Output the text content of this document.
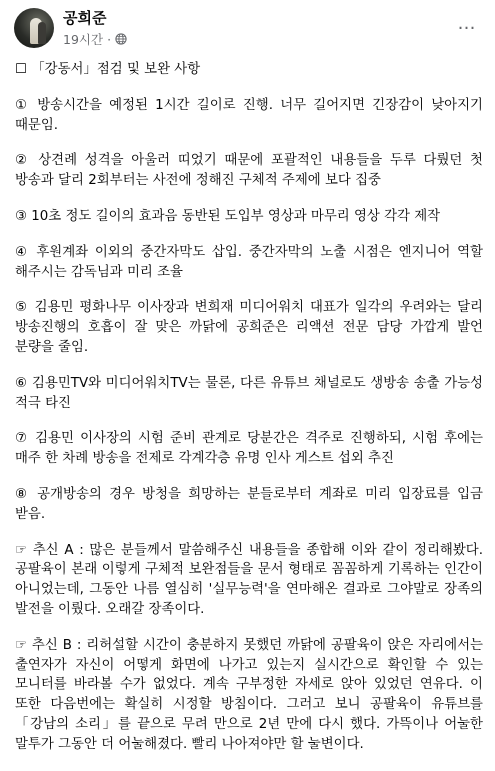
공희준
19시간 ·
…

☐ 「강동서」점검 및 보완 사항

① 방송시간을 예정된 1시간 길이로 진행. 너무 길어지면 긴장감이 낮아지기 때문임.

② 상견례 성격을 아울러 띠었기 때문에 포괄적인 내용들을 두루 다뤘던 첫 방송과 달리 2회부터는 사전에 정해진 구체적 주제에 보다 집중

③ 10초 정도 길이의 효과음 동반된 도입부 영상과 마무리 영상 각각 제작

④ 후원계좌 이외의 중간자막도 삽입. 중간자막의 노출 시점은 엔지니어 역할 해주시는 감독님과 미리 조율

⑤ 김용민 평화나무 이사장과 변희재 미디어워치 대표가 일각의 우려와는 달리 방송진행의 호흡이 잘 맞은 까닭에 공희준은 리액션 전문 담당 가깝게 발언 분량을 줄임.

⑥ 김용민TV와 미디어워치TV는 물론, 다른 유튜브 채널로도 생방송 송출 가능성 적극 타진

⑦ 김용민 이사장의 시험 준비 관계로 당분간은 격주로 진행하되, 시험 후에는 매주 한 차례 방송을 전제로 각계각층 유명 인사 게스트 섭외 추진

⑧ 공개방송의 경우 방청을 희망하는 분들로부터 계좌로 미리 입장료를 입금 받음.

☞ 추신 A : 많은 분들께서 말씀해주신 내용들을 종합해 이와 같이 정리해봤다. 공팔육이 본래 이렇게 구체적 보완점들을 문서 형태로 꼼꼼하게 기록하는 인간이 아니었는데, 그동안 나름 열심히 '실무능력'을 연마해온 결과로 그야말로 장족의 발전을 이뤘다. 오래갈 장족이다.

☞ 추신 B : 리허설할 시간이 충분하지 못했던 까닭에 공팔육이 앉은 자리에서는 출연자가 자신이 어떻게 화면에 나가고 있는지 실시간으로 확인할 수 있는 모니터를 바라볼 수가 없었다. 계속 구부정한 자세로 앉아 있었던 연유다. 이 또한 다음번에는 확실히 시정할 방침이다. 그러고 보니 공팔육이 유튜브를 「강남의 소리」를 끝으로 무려 만으로 2년 만에 다시 했다. 가뜩이나 어눌한 말투가 그동안 더 어눌해졌다. 빨리 나아져야만 할 눌변이다.
